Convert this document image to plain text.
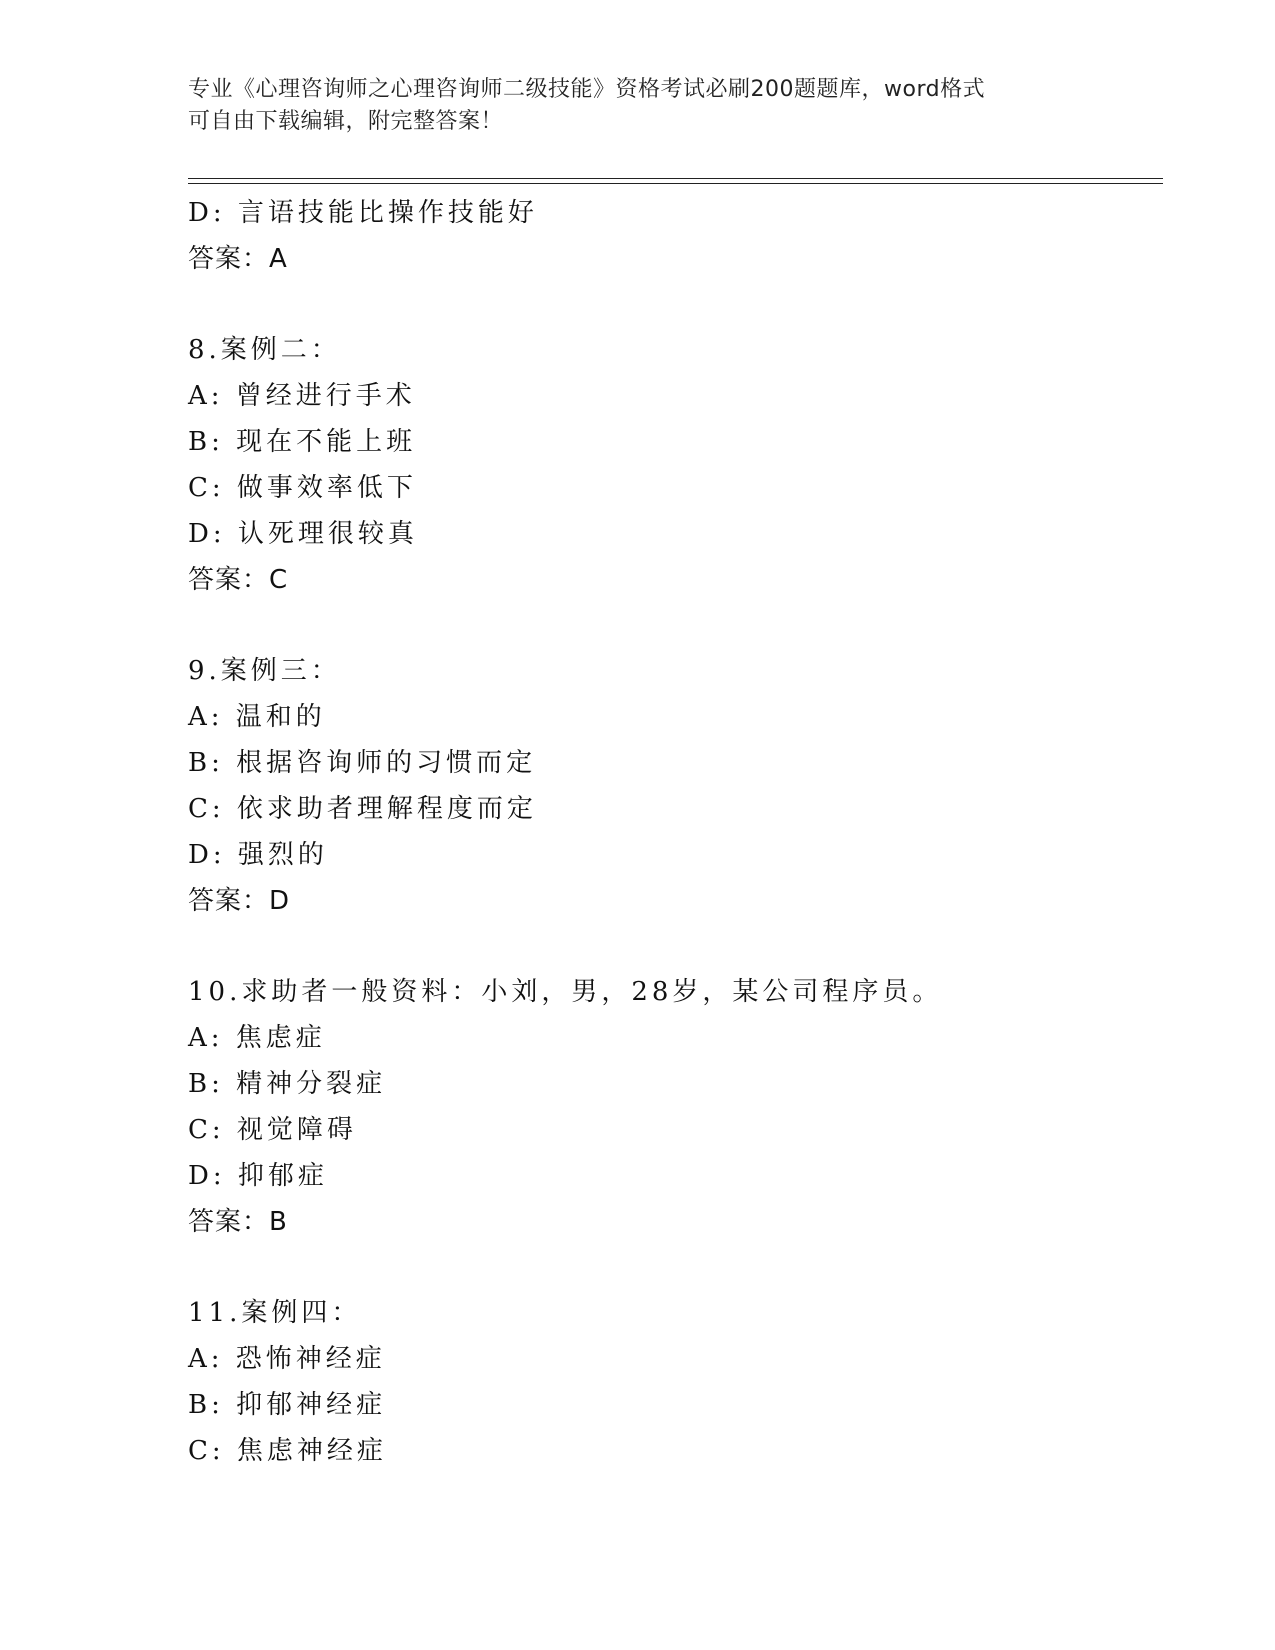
专业《心理咨询师之心理咨询师二级技能》资格考试必刷200题题库，word格式
可自由下载编辑，附完整答案！
D: 言语技能比操作技能好
答案：A
8.案例二：
A: 曾经进行手术
B: 现在不能上班
C: 做事效率低下
D: 认死理很较真
答案：C
9.案例三：
A: 温和的
B: 根据咨询师的习惯而定
C: 依求助者理解程度而定
D: 强烈的
答案：D
10.求助者一般资料：小刘，男，28岁，某公司程序员。
A: 焦虑症
B: 精神分裂症
C: 视觉障碍
D: 抑郁症
答案：B
11.案例四：
A: 恐怖神经症
B: 抑郁神经症
C: 焦虑神经症
